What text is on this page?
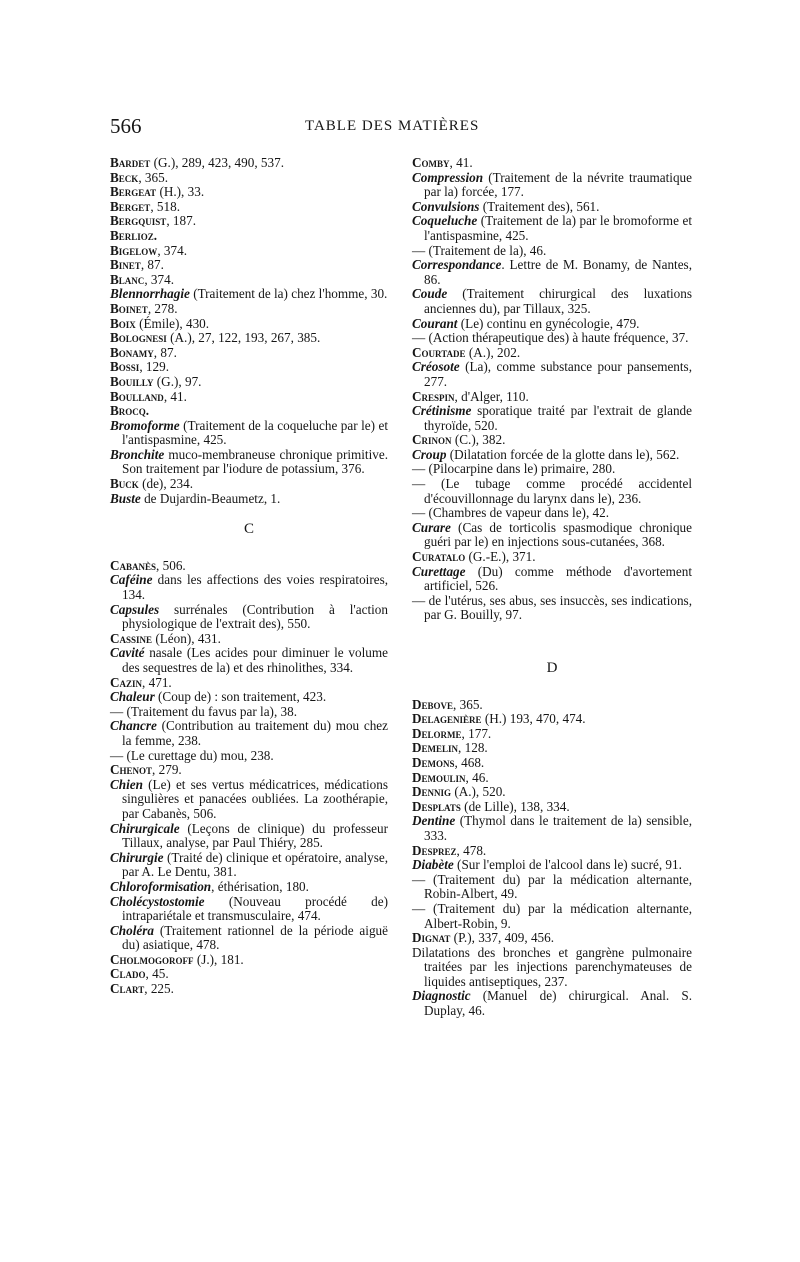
566	TABLE DES MATIÈRES
Bardet (G.), 289, 423, 490, 537.
Beck, 365.
Bergeat (H.), 33.
Berget, 518.
Bergquist, 187.
Berlioz.
Bigelow, 374.
Binet, 87.
Blanc, 374.
Blennorrhagie (Traitement de la) chez l'homme, 30.
Boinet, 278.
Boix (Émile), 430.
Bolognesi (A.), 27, 122, 193, 267, 385.
Bonamy, 87.
Bossi, 129.
Bouilly (G.), 97.
Boulland, 41.
Brocq.
Bromoforme (Traitement de la coqueluche par le) et l'antispasmine, 425.
Bronchite muco-membraneuse chronique primitive. Son traitement par l'iodure de potassium, 376.
Buck (de), 234.
Buste de Dujardin-Beaumetz, 1.
C
Cabanès, 506.
Caféine dans les affections des voies respiratoires, 134.
Capsules surrénales (Contribution à l'action physiologique de l'extrait des), 550.
Cassine (Léon), 431.
Cavité nasale (Les acides pour diminuer le volume des sequestres de la) et des rhinolithes, 334.
Cazin, 471.
Chaleur (Coup de) : son traitement, 423.
— (Traitement du favus par la), 38.
Chancre (Contribution au traitement du) mou chez la femme, 238.
— (Le curettage du) mou, 238.
Chenot, 279.
Chien (Le) et ses vertus médicatrices, médications singulières et panacées oubliées. La zoothérapie, par Cabanès, 506.
Chirurgicale (Leçons de clinique) du professeur Tillaux, analyse, par Paul Thiéry, 285.
Chirurgie (Traité de) clinique et opératoire, analyse, par A. Le Dentu, 381.
Chloroformisation, éthérisation, 180.
Cholécystostomie (Nouveau procédé de) intrapariétale et transmusculaire, 474.
Choléra (Traitement rationnel de la période aiguë du) asiatique, 478.
Cholmogoroff (J.), 181.
Clado, 45.
Clart, 225.
Comby, 41.
Compression (Traitement de la névrite traumatique par la) forcée, 177.
Convulsions (Traitement des), 561.
Coqueluche (Traitement de la) par le bromoforme et l'antispasmine, 425.
— (Traitement de la), 46.
Correspondance. Lettre de M. Bonamy, de Nantes, 86.
Coude (Traitement chirurgical des luxations anciennes du), par Tillaux, 325.
Courant (Le) continu en gynécologie, 479.
— (Action thérapeutique des) à haute fréquence, 37.
Courtade (A.), 202.
Créosote (La), comme substance pour pansements, 277.
Crespin, d'Alger, 110.
Crétinisme sporatique traité par l'extrait de glande thyroïde, 520.
Crinon (C.), 382.
Croup (Dilatation forcée de la glotte dans le), 562.
— (Pilocarpine dans le) primaire, 280.
— (Le tubage comme procédé accidentel d'écouvillonnage du larynx dans le), 236.
— (Chambres de vapeur dans le), 42.
Curare (Cas de torticolis spasmodique chronique guéri par le) en injections sous-cutanées, 368.
Curatalo (G.-E.), 371.
Curettage (Du) comme méthode d'avortement artificiel, 526.
— de l'utérus, ses abus, ses insuccès, ses indications, par G. Bouilly, 97.
D
Debove, 365.
Delagenière (H.) 193, 470, 474.
Delorme, 177.
Demelin, 128.
Demons, 468.
Demoulin, 46.
Dennig (A.), 520.
Desplats (de Lille), 138, 334.
Dentine (Thymol dans le traitement de la) sensible, 333.
Desprez, 478.
Diabète (Sur l'emploi de l'alcool dans le) sucré, 91.
— (Traitement du) par la médication alternante, Robin-Albert, 49.
— (Traitement du) par la médication alternante, Albert-Robin, 9.
Dignat (P.), 337, 409, 456.
Dilatations des bronches et gangrène pulmonaire traitées par les injections parenchymateuses de liquides antiseptiques, 237.
Diagnostic (Manuel de) chirurgical. Anal. S. Duplay, 46.
